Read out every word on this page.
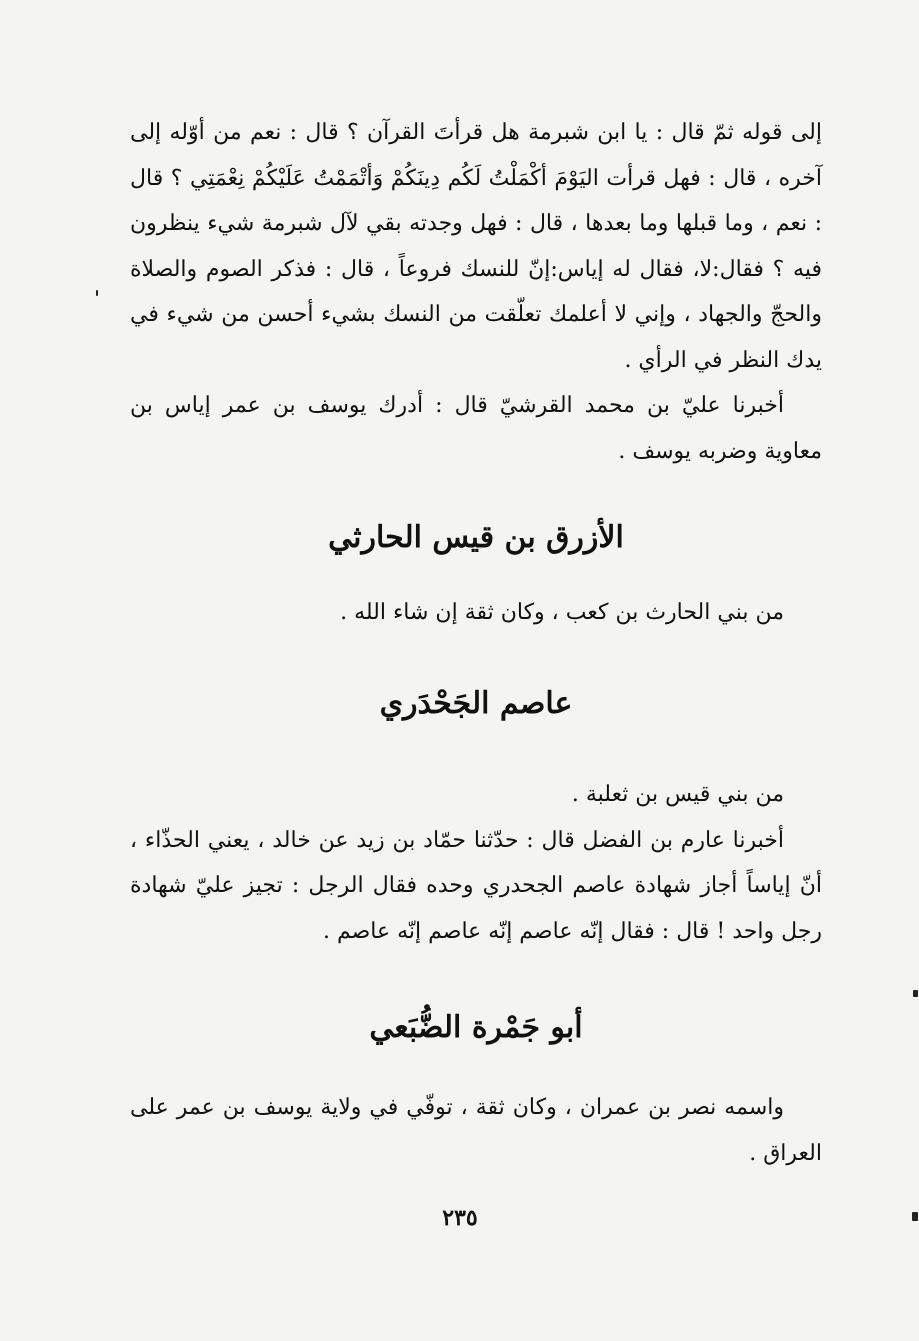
إلى قوله ثمّ قال : يا ابن شبرمة هل قرأتَ القرآن ؟ قال : نعم من أوّله إلى آخره ، قال : فهل قرأت اليَوْمَ أكْمَلْتُ لَكُم دِينَكُمْ وَأتْمَمْتُ عَلَيْكُمْ نِعْمَتِي ؟ قال : نعم ، وما قبلها وما بعدها ، قال : فهل وجدته بقي لآل شبرمة شيء ينظرون فيه ؟ فقال:لا، فقال له إياس:إنّ للنسك فروعاً ، قال : فذكر الصوم والصلاة والحجّ والجهاد ، وإني لا أعلمك تعلّقت من النسك بشيء أحسن من شيء في يدك النظر في الرأي .

أخبرنا عليّ بن محمد القرشيّ قال : أدرك يوسف بن عمر إياس بن معاوية وضربه يوسف .

الأزرق بن قيس الحارثي

من بني الحارث بن كعب ، وكان ثقة إن شاء الله .

عاصم الجَحْدَري

من بني قيس بن ثعلبة .

أخبرنا عارم بن الفضل قال : حدّثنا حمّاد بن زيد عن خالد ، يعني الحذّاء ، أنّ إياساً أجاز شهادة عاصم الجحدري وحده فقال الرجل : تجيز عليّ شهادة رجل واحد ! قال : فقال إنّه عاصم إنّه عاصم إنّه عاصم .

أبو جَمْرة الضُّبَعي

واسمه نصر بن عمران ، وكان ثقة ، توفّي في ولاية يوسف بن عمر على العراق .

٢٣٥
